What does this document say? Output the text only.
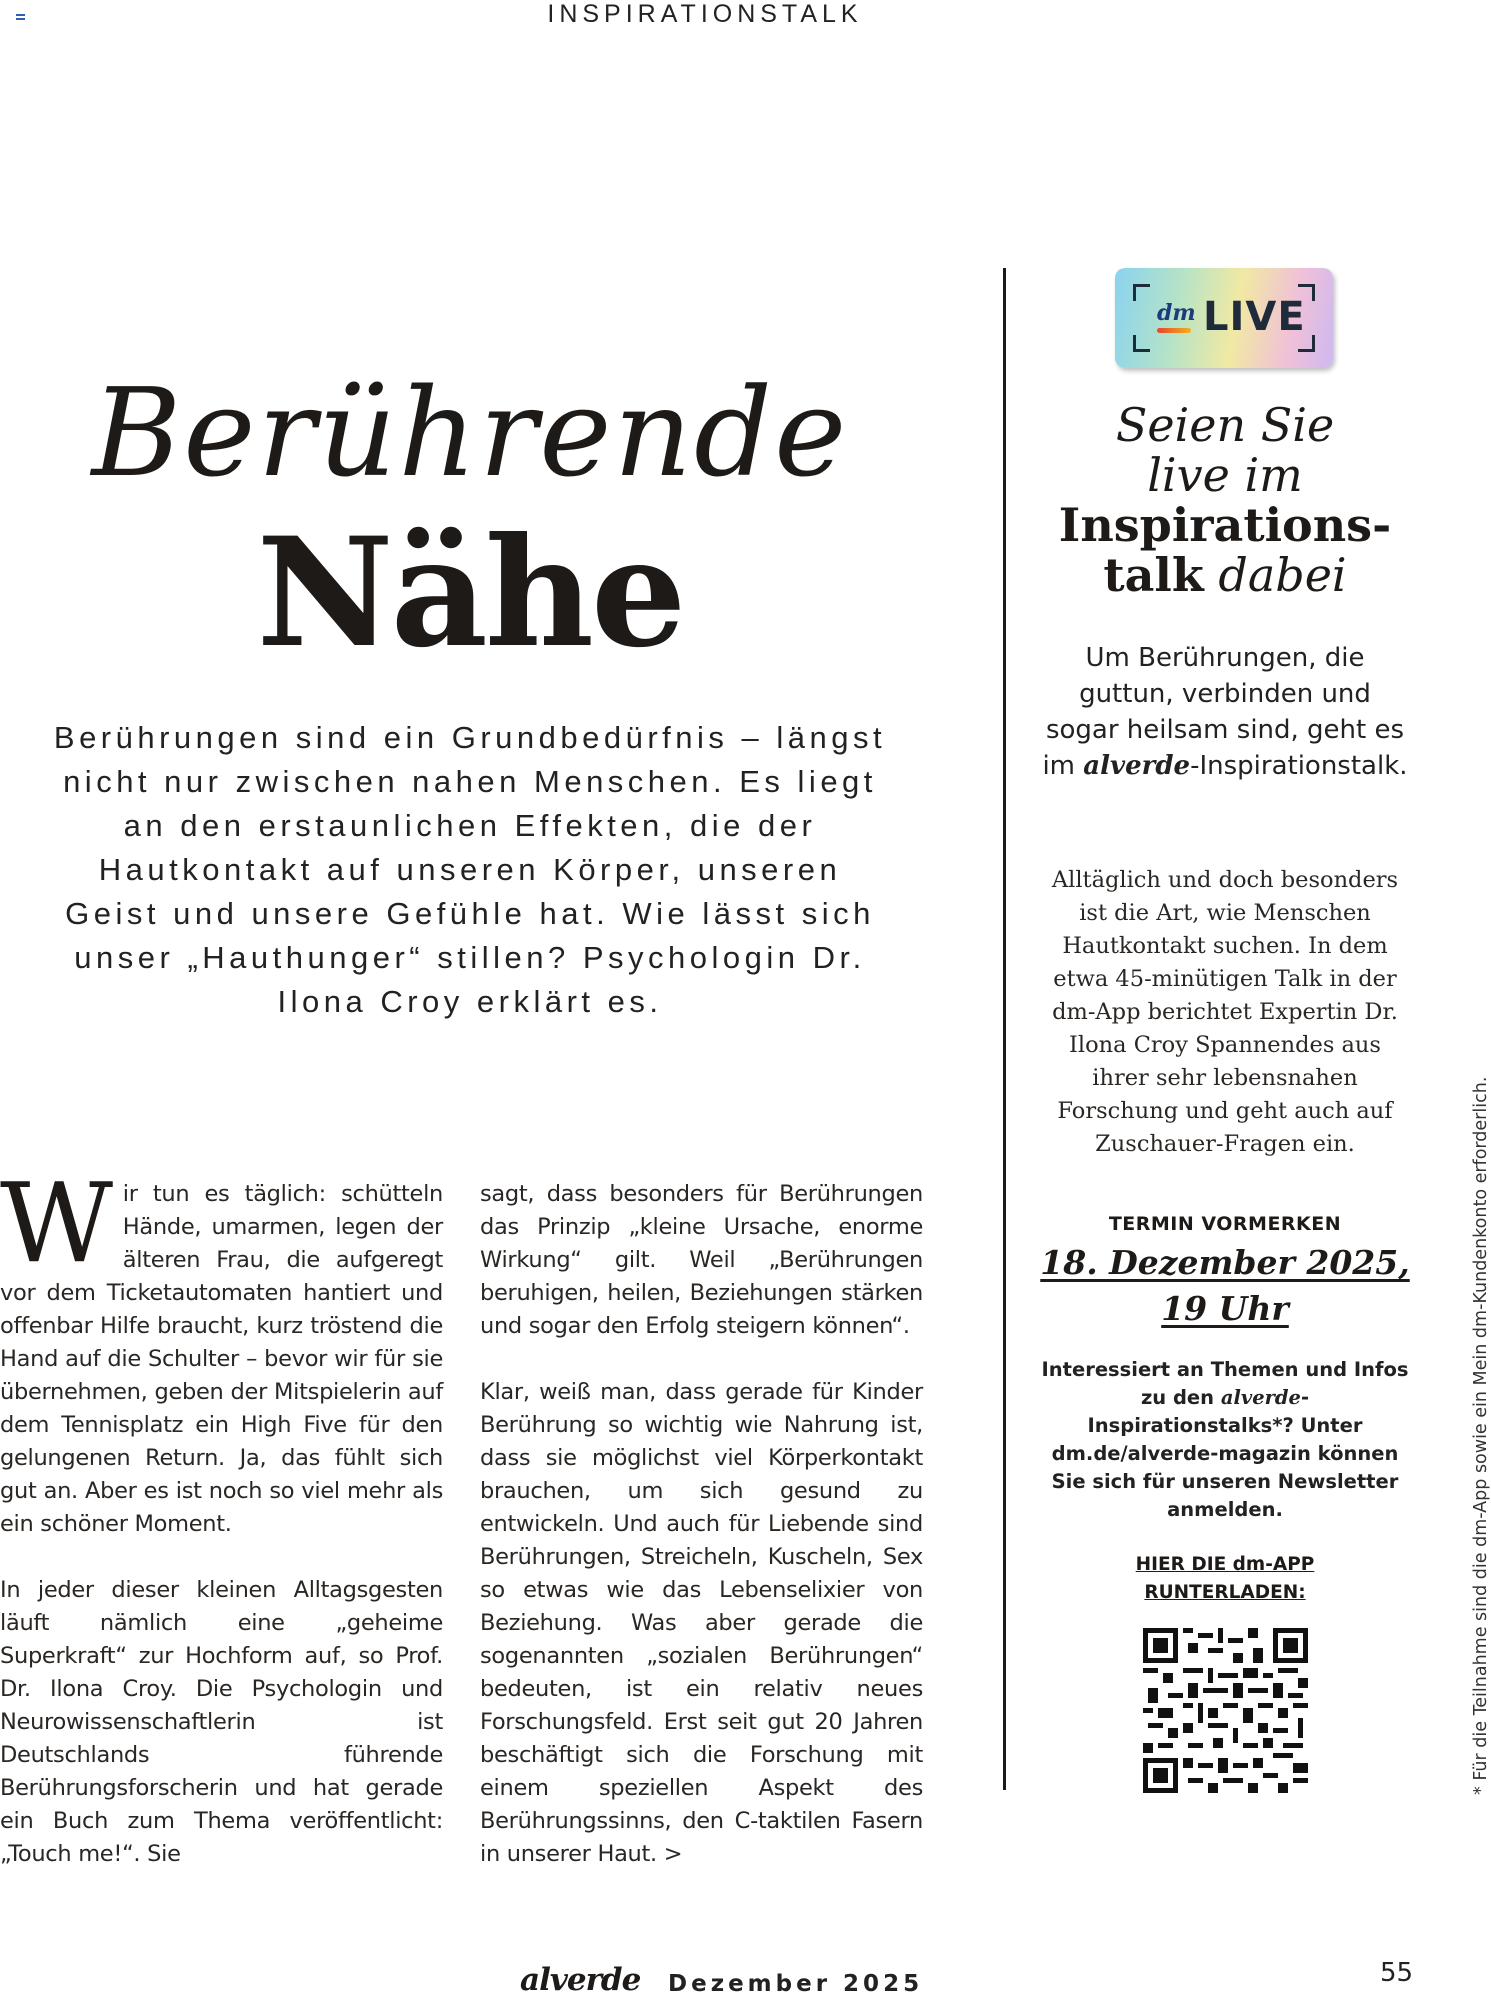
INSPIRATIONSTALK
Berührende
Nähe
Berührungen sind ein Grundbedürfnis – längst nicht nur zwischen nahen Menschen. Es liegt an den erstaunlichen Effekten, die der Hautkontakt auf unseren Körper, unseren Geist und unsere Gefühle hat. Wie lässt sich unser „Hauthunger“ stillen? Psychologin Dr. Ilona Croy erklärt es.

Wir tun es täglich: schütteln Hände, umarmen, legen der älteren Frau, die aufgeregt vor dem Ticketautomaten hantiert und offenbar Hilfe braucht, kurz tröstend die Hand auf die Schulter – bevor wir für sie übernehmen, geben der Mitspielerin auf dem Tennisplatz ein High Five für den gelungenen Return. Ja, das fühlt sich gut an. Aber es ist noch so viel mehr als ein schöner Moment.

In jeder dieser kleinen Alltagsgesten läuft nämlich eine „geheime Superkraft“ zur Hochform auf, so Prof. Dr. Ilona Croy. Die Psychologin und Neurowissenschaftlerin ist Deutschlands führende Berührungsforscherin und hat gerade ein Buch zum Thema veröffentlicht: „Touch me!“. Sie

sagt, dass besonders für Berührungen das Prinzip „kleine Ursache, enorme Wirkung“ gilt. Weil „Berührungen beruhigen, heilen, Beziehungen stärken und sogar den Erfolg steigern können“.

Klar, weiß man, dass gerade für Kinder Berührung so wichtig wie Nahrung ist, dass sie möglichst viel Körperkontakt brauchen, um sich gesund zu entwickeln. Und auch für Liebende sind Berührungen, Streicheln, Kuscheln, Sex so etwas wie das Lebenselixier von Beziehung. Was aber gerade die sogenannten „sozialen Berührungen“ bedeuten, ist ein relativ neues Forschungsfeld. Erst seit gut 20 Jahren beschäftigt sich die Forschung mit einem speziellen Aspekt des Berührungssinns, den C-taktilen Fasern in unserer Haut. >

dm LIVE
Seien Sie
live im
Inspirations-
talk dabei
Um Berührungen, die guttun, verbinden und sogar heilsam sind, geht es im alverde-Inspirationstalk.
Alltäglich und doch besonders ist die Art, wie Menschen Hautkontakt suchen. In dem etwa 45-minütigen Talk in der dm-App berichtet Expertin Dr. Ilona Croy Spannendes aus ihrer sehr lebensnahen Forschung und geht auch auf Zuschauer-Fragen ein.
TERMIN VORMERKEN
18. Dezember 2025,
19 Uhr
Interessiert an Themen und Infos zu den alverde-Inspirationstalks*? Unter dm.de/alverde-magazin können Sie sich für unseren Newsletter anmelden.
HIER DIE dm-APP
RUNTERLADEN:	* Für die Teilnahme sind die dm-App sowie ein Mein dm-Kundenkonto erforderlich.
alverde Dezember 2025	55
